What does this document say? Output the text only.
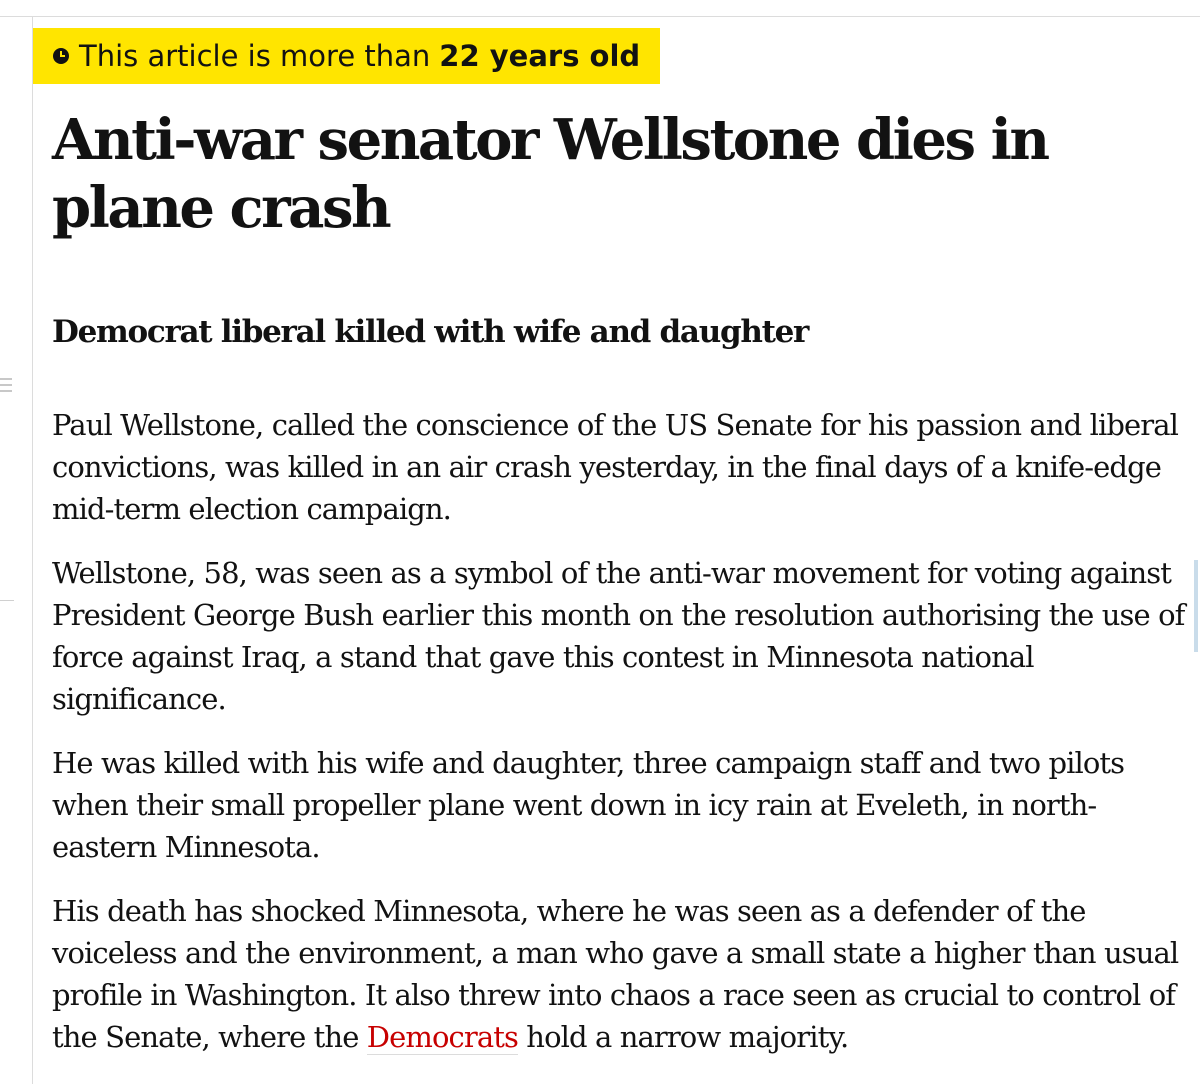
This article is more than 22 years old
Anti-war senator Wellstone dies in plane crash
Democrat liberal killed with wife and daughter

Paul Wellstone, called the conscience of the US Senate for his passion and liberal convictions, was killed in an air crash yesterday, in the final days of a knife-edge mid-term election campaign.

Wellstone, 58, was seen as a symbol of the anti-war movement for voting against President George Bush earlier this month on the resolution authorising the use of force against Iraq, a stand that gave this contest in Minnesota national significance.

He was killed with his wife and daughter, three campaign staff and two pilots when their small propeller plane went down in icy rain at Eveleth, in north-eastern Minnesota.

His death has shocked Minnesota, where he was seen as a defender of the voiceless and the environment, a man who gave a small state a higher than usual profile in Washington. It also threw into chaos a race seen as crucial to control of the Senate, where the Democrats hold a narrow majority.
